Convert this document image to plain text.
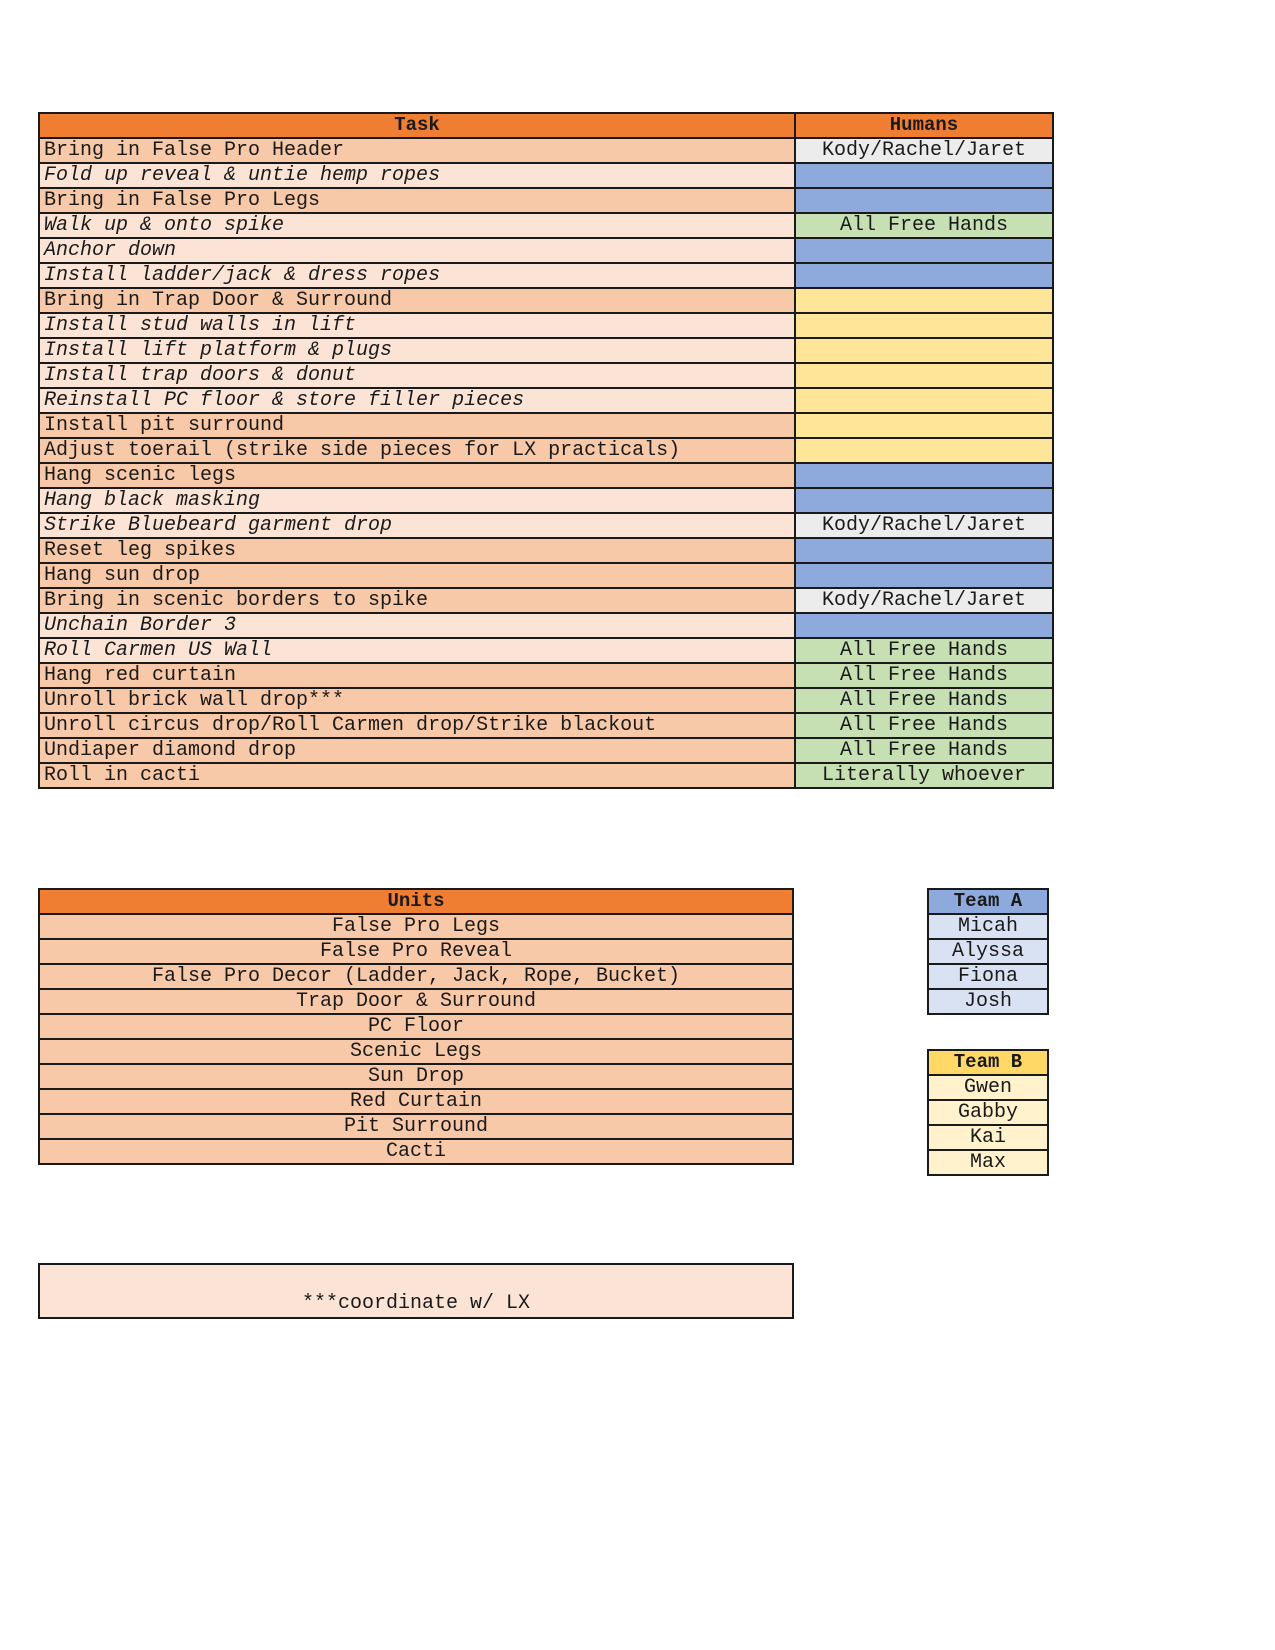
Task	Humans
Bring in False Pro Header	Kody/Rachel/Jaret
Fold up reveal & untie hemp ropes	
Bring in False Pro Legs	
Walk up & onto spike	All Free Hands
Anchor down	
Install ladder/jack & dress ropes	
Bring in Trap Door & Surround	
Install stud walls in lift	
Install lift platform & plugs	
Install trap doors & donut	
Reinstall PC floor & store filler pieces	
Install pit surround	
Adjust toerail (strike side pieces for LX practicals)	
Hang scenic legs	
Hang black masking	
Strike Bluebeard garment drop	Kody/Rachel/Jaret
Reset leg spikes	
Hang sun drop	
Bring in scenic borders to spike	Kody/Rachel/Jaret
Unchain Border 3	
Roll Carmen US Wall	All Free Hands
Hang red curtain	All Free Hands
Unroll brick wall drop***	All Free Hands
Unroll circus drop/Roll Carmen drop/Strike blackout	All Free Hands
Undiaper diamond drop	All Free Hands
Roll in cacti	Literally whoever
Units
False Pro Legs
False Pro Reveal
False Pro Decor (Ladder, Jack, Rope, Bucket)
Trap Door & Surround
PC Floor
Scenic Legs
Sun Drop
Red Curtain
Pit Surround
Cacti
Team A
Micah
Alyssa
Fiona
Josh
Team B
Gwen
Gabby
Kai
Max
***coordinate w/ LX
